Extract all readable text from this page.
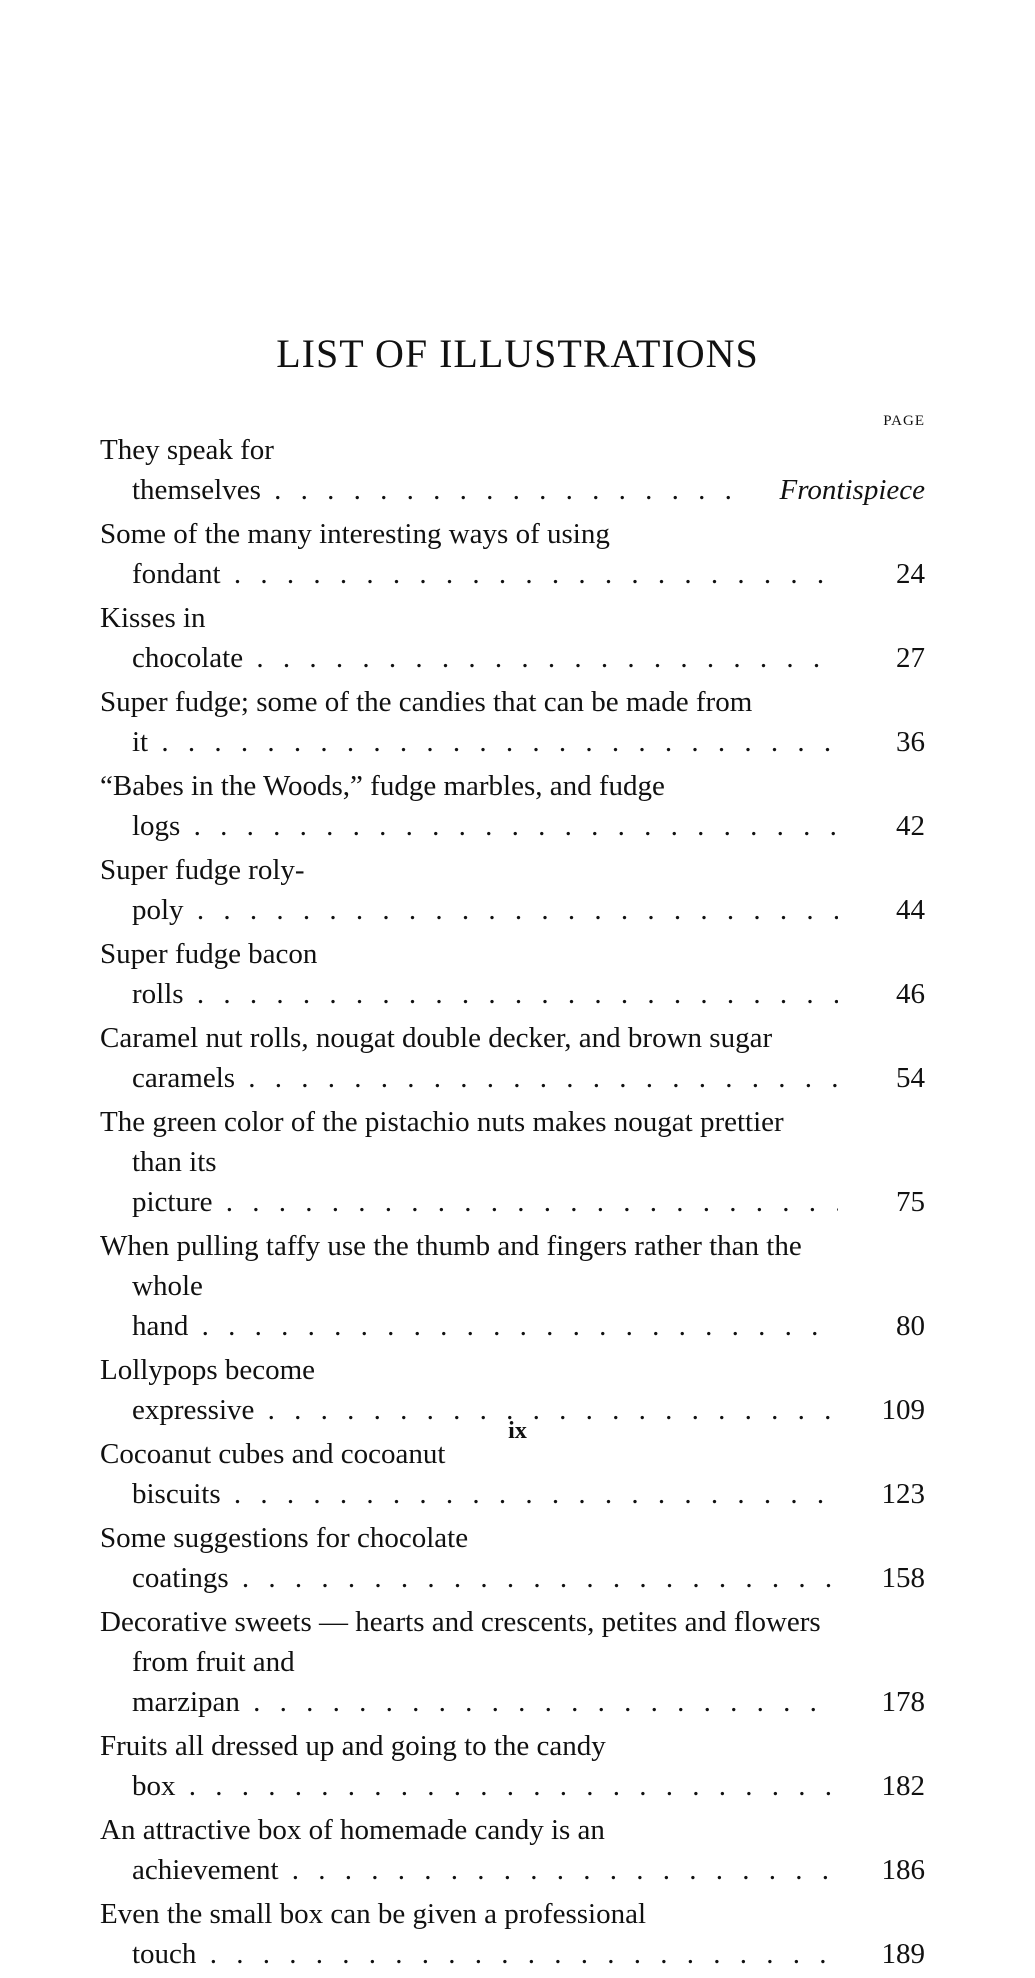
LIST OF ILLUSTRATIONS
PAGE
They speak for themselves . . .	Frontispiece
Some of the many interesting ways of using fondant . . .	24
Kisses in chocolate . . .	27
Super fudge; some of the candies that can be made from it . . .	36
“Babes in the Woods,” fudge marbles, and fudge logs . . .	42
Super fudge roly-poly . . .	44
Super fudge bacon rolls . . .	46
Caramel nut rolls, nougat double decker, and brown sugar caramels . . .	54
The green color of the pistachio nuts makes nougat prettier than its picture . . .	75
When pulling taffy use the thumb and fingers rather than the whole hand . . .	80
Lollypops become expressive . . .	109
Cocoanut cubes and cocoanut biscuits . . .	123
Some suggestions for chocolate coatings . . .	158
Decorative sweets — hearts and crescents, petites and flowers from fruit and marzipan . . .	178
Fruits all dressed up and going to the candy box . . .	182
An attractive box of homemade candy is an achievement . . .	186
Even the small box can be given a professional touch . . .	189
ix
